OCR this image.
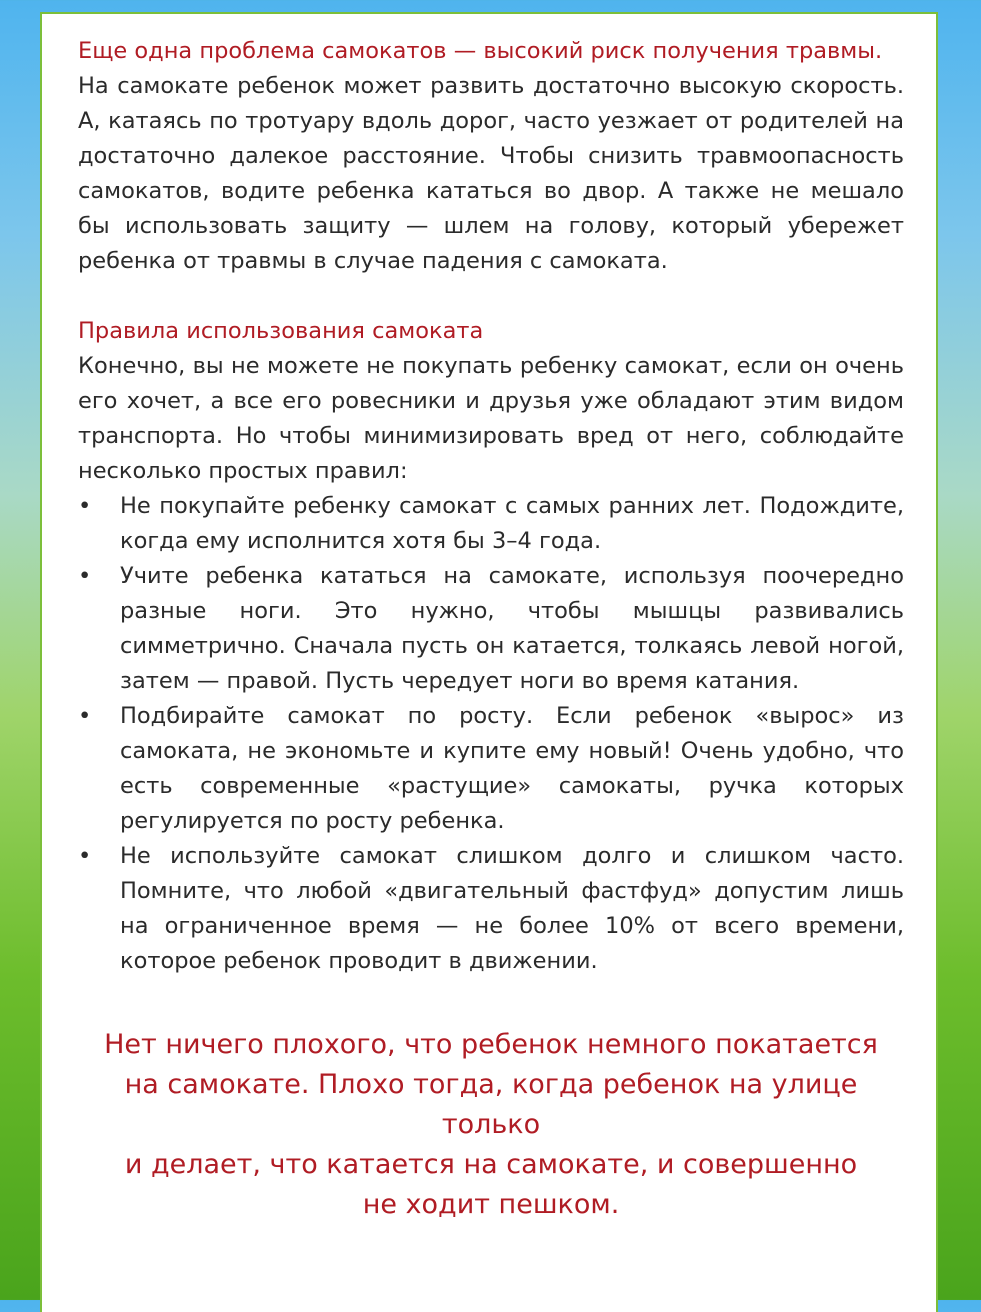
Еще одна проблема самокатов — высокий риск получения травмы.

На самокате ребенок может развить достаточно высокую скорость. А, катаясь по тротуару вдоль дорог, часто уезжает от родителей на достаточно далекое расстояние. Чтобы снизить травмоопасность самокатов, водите ребенка кататься во двор. А также не мешало бы использовать защиту — шлем на голову, который убережет ребенка от травмы в случае падения с самоката.

Правила использования самоката

Конечно, вы не можете не покупать ребенку самокат, если он очень его хочет, а все его ровесники и друзья уже обладают этим видом транспорта. Но чтобы минимизировать вред от него, соблюдайте несколько простых правил:

• Не покупайте ребенку самокат с самых ранних лет. Подождите, когда ему исполнится хотя бы 3–4 года.
• Учите ребенка кататься на самокате, используя поочередно разные ноги. Это нужно, чтобы мышцы развивались симметрично. Сначала пусть он катается, толкаясь левой ногой, затем — правой. Пусть чередует ноги во время катания.
• Подбирайте самокат по росту. Если ребенок «вырос» из самоката, не экономьте и купите ему новый! Очень удобно, что есть современные «растущие» самокаты, ручка которых регулируется по росту ребенка.
• Не используйте самокат слишком долго и слишком часто. Помните, что любой «двигательный фастфуд» допустим лишь на ограниченное время — не более 10% от всего времени, которое ребенок проводит в движении.
Нет ничего плохого, что ребенок немного покатается
на самокате. Плохо тогда, когда ребенок на улице только
и делает, что катается на самокате, и совершенно
не ходит пешком.
